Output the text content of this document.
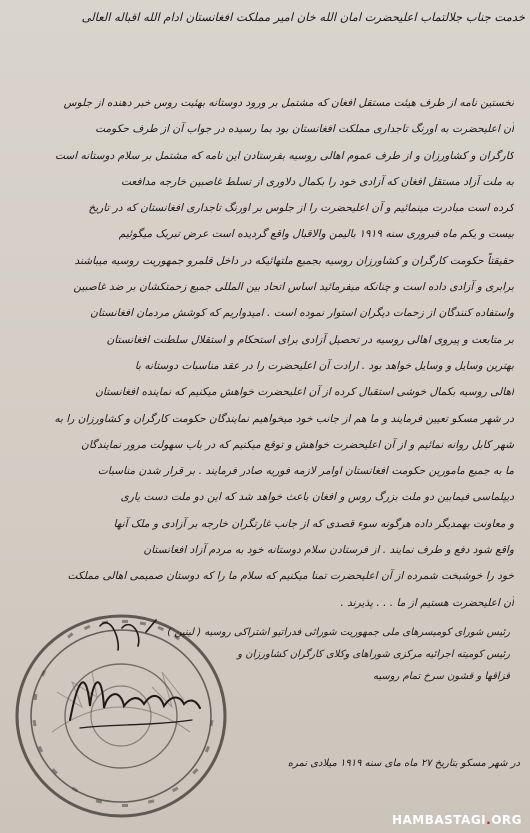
خدمت جناب جلالتماب اعلیحضرت امان الله خان امیر مملکت افغانستان ادام الله اقباله العالی
نخستین نامه از طرف هیئت مستقل افغان که مشتمل بر ورود دوستانه بهئیت روس خبر دهنده از جلوس
آن اعلیحضرت به اورنگ تاجداری مملکت افغانستان بود بما رسیده در جواب آن از طرف حکومت
کارگران و کشاورزان و از طرف عموم اهالی روسیه بفرستادن این نامه که مشتمل بر سلام دوستانه است
به ملت آزاد مستقل افغان که آزادی خود را بکمال دلاوری از تسلط غاصبین خارجه مدافعت
کرده است مبادرت مینمائیم و آن اعلیحضرت را از جلوس بر اورنگ تاجداری افغانستان که در تاریخ
بیست و یکم ماه فبروری سنه ۱۹۱۹ بالیمن والاقبال واقع گردیده است عرض تبریک میگوئیم
حقیقتاً حکومت کارگران و کشاورزان روسیه بجمیع ملتهائیکه در داخل قلمرو جمهوریت روسیه میباشند
برابری و آزادی داده است و چنانکه میفرمائید اساس اتحاد بین المللی جمیع زحمتکشان بر ضد غاصبین
واستفاده کنندگان از زحمات دیگران استوار نموده است . امیدواریم که کوشش مردمان افغانستان
بر متابعت و پیروی اهالی روسیه در تحصیل آزادی برای استحکام و استقلال سلطنت افغانستان
بهترین وسایل و وسایل خواهد بود . ارادت آن اعلیحضرت را در عقد مناسبات دوستانه با
اهالی روسیه بکمال خوشی استقبال کرده از آن اعلیحضرت خواهش میکنیم که نماینده افغانستان
در شهر مسکو تعیین فرمایند و ما هم از جانب خود میخواهیم نمایندگان حکومت کارگران و کشاورزان را به
شهر کابل روانه نمائیم و از آن اعلیحضرت خواهش و توقع میکنیم که در باب سهولت مرور نمایندگان
ما به جمیع مامورین حکومت افغانستان اوامر لازمه فوریه صادر فرمایند . بر قرار شدن مناسبات
دیپلماسی فیمابین دو ملت بزرگ روس و افغان باعث خواهد شد که این دو ملت دست یاری
و معاونت بهمدیگر داده هرگونه سوء قصدی که از جانب غارتگران خارجه بر آزادی و ملک آنها
واقع شود دفع و طرف نمایند . از فرستادن سلام دوستانه خود به مردم آزاد افغانستان
خود را خوشبخت شمرده از آن اعلیحضرت تمنا میکنیم که سلام ما را که دوستان صمیمی اهالی مملکت
آن اعلیحضرت هستیم از ما . . . پذیرند .
رئیس شورای کومیسرهای ملی جمهوریت شورائی فدراتیو اشتراکی روسیه ( لینین )
رئیس کومیته اجرائیه مرکزی شوراهای وکلای کارگران کشاورزان و
قزاقها و قشون سرخ تمام روسیه
در شهر مسکو بتاریخ ۲۷ ماه مای سنه ۱۹۱۹ میلادی نمره
HAMBASTAGI.ORG
